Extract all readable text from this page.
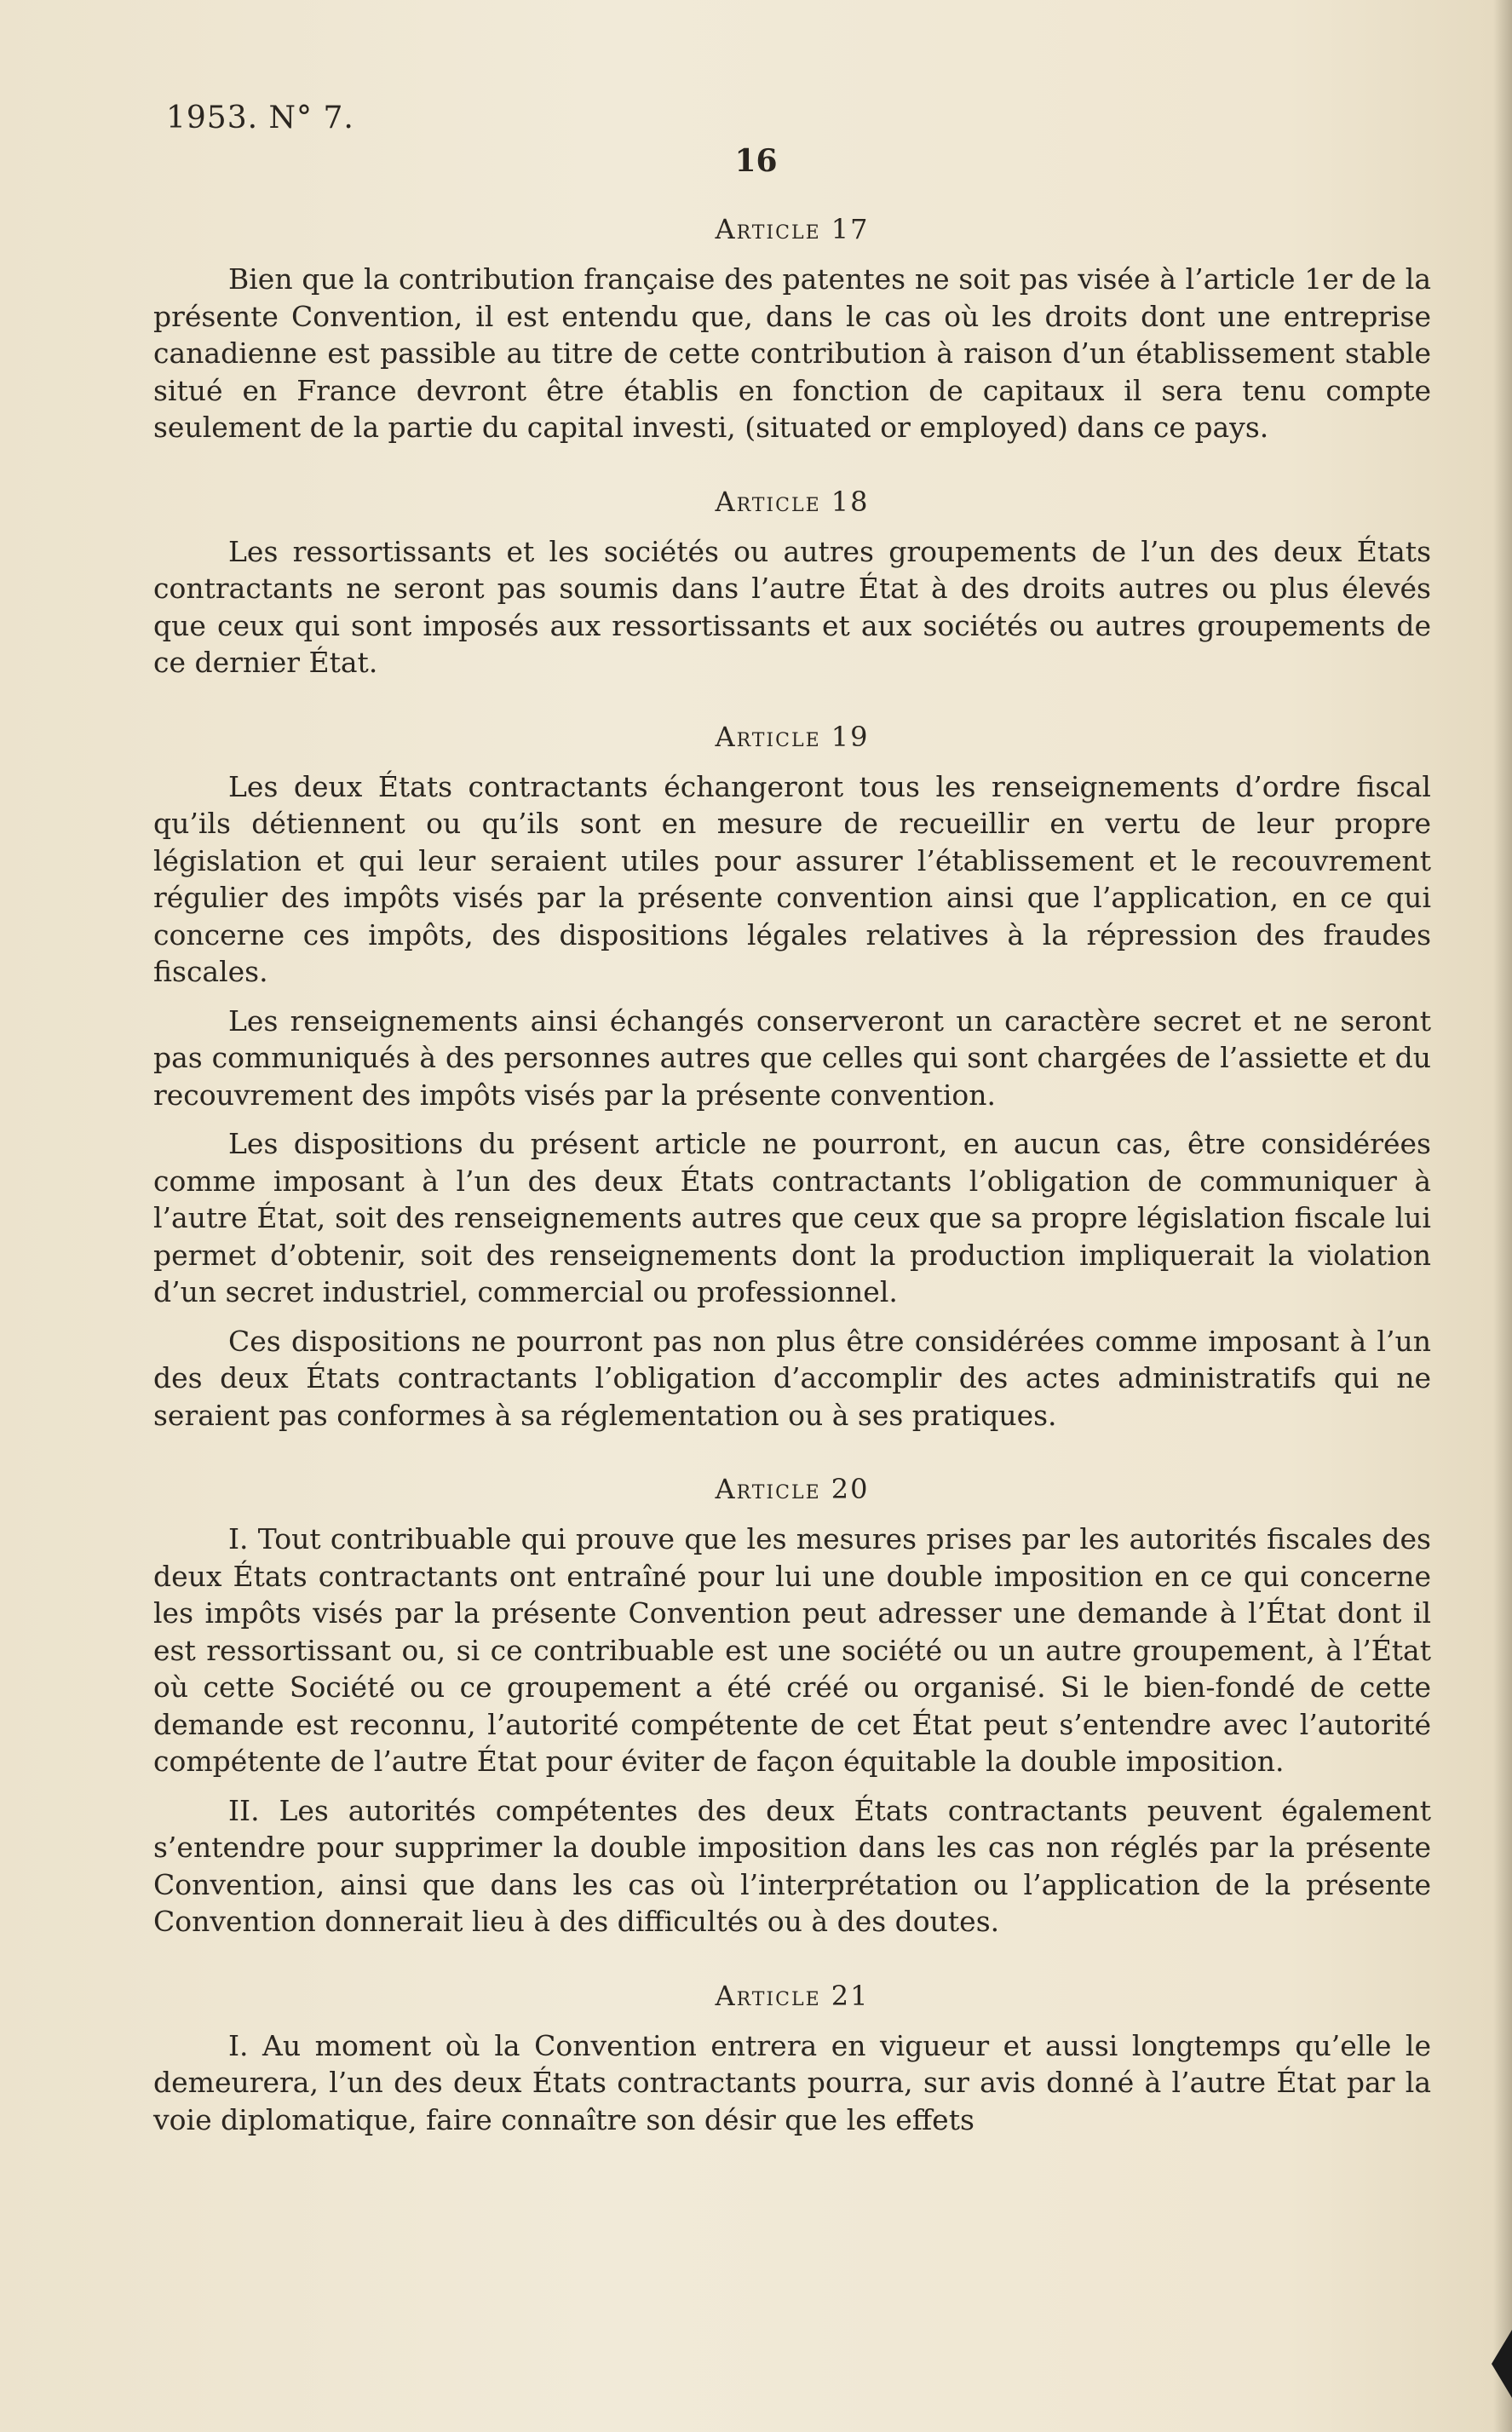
1953. N° 7.
16
Article 17

Bien que la contribution française des patentes ne soit pas visée à l’article 1er de la présente Convention, il est entendu que, dans le cas où les droits dont une entreprise canadienne est passible au titre de cette contribution à raison d’un établissement stable situé en France devront être établis en fonction de capitaux il sera tenu compte seulement de la partie du capital investi, (situated or employed) dans ce pays.

Article 18

Les ressortissants et les sociétés ou autres groupements de l’un des deux États contractants ne seront pas soumis dans l’autre État à des droits autres ou plus élevés que ceux qui sont imposés aux ressortissants et aux sociétés ou autres groupements de ce dernier État.

Article 19

Les deux États contractants échangeront tous les renseignements d’ordre fiscal qu’ils détiennent ou qu’ils sont en mesure de recueillir en vertu de leur propre législation et qui leur seraient utiles pour assurer l’établissement et le recouvrement régulier des impôts visés par la présente convention ainsi que l’application, en ce qui concerne ces impôts, des dispositions légales relatives à la répression des fraudes fiscales.

Les renseignements ainsi échangés conserveront un caractère secret et ne seront pas communiqués à des personnes autres que celles qui sont chargées de l’assiette et du recouvrement des impôts visés par la présente convention.

Les dispositions du présent article ne pourront, en aucun cas, être considérées comme imposant à l’un des deux États contractants l’obligation de communiquer à l’autre État, soit des renseignements autres que ceux que sa propre législation fiscale lui permet d’obtenir, soit des renseignements dont la production impliquerait la violation d’un secret industriel, commercial ou professionnel.

Ces dispositions ne pourront pas non plus être considérées comme imposant à l’un des deux États contractants l’obligation d’accomplir des actes administratifs qui ne seraient pas conformes à sa réglementation ou à ses pratiques.

Article 20

I. Tout contribuable qui prouve que les mesures prises par les autorités fiscales des deux États contractants ont entraîné pour lui une double imposition en ce qui concerne les impôts visés par la présente Convention peut adresser une demande à l’État dont il est ressortissant ou, si ce contribuable est une société ou un autre groupement, à l’État où cette Société ou ce groupement a été créé ou organisé. Si le bien-fondé de cette demande est reconnu, l’autorité compétente de cet État peut s’entendre avec l’autorité compétente de l’autre État pour éviter de façon équitable la double imposition.

II. Les autorités compétentes des deux États contractants peuvent également s’entendre pour supprimer la double imposition dans les cas non réglés par la présente Convention, ainsi que dans les cas où l’interprétation ou l’application de la présente Convention donnerait lieu à des difficultés ou à des doutes.

Article 21

I. Au moment où la Convention entrera en vigueur et aussi longtemps qu’elle le demeurera, l’un des deux États contractants pourra, sur avis donné à l’autre État par la voie diplomatique, faire connaître son désir que les effets
